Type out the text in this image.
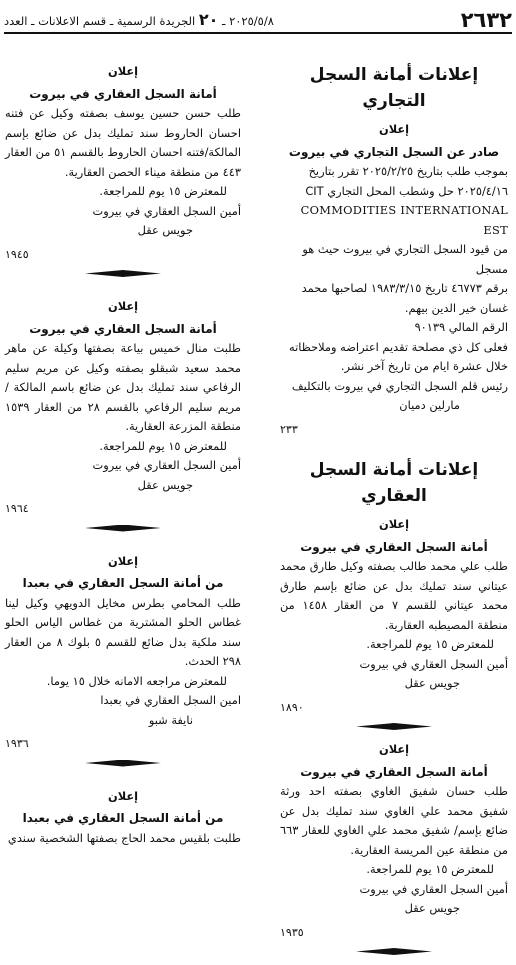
٢٠٢٥/٥/٨ ـ ٢٠ الجريدة الرسمية ـ قسم الاعلانات ـ العدد	٢٦٣٢
إعلانات أمانة السجل التجاري
إعلان
صادر عن السجل التجاري في بيروت
بموجب طلب بتاريخ ٢٠٢٥/٢/٢٥ تقرر بتاريخ
٢٠٢٥/٤/١٦ حل وشطب المحل التجاري CIT
COMMODITIES INTERNATIONAL EST
من قيود السجل التجاري في بيروت حيث هو مسجل
برقم ٤٦٧٧٣ تاريخ ١٩٨٣/٣/١٥ لصاحبها محمد
غسان خير الدين بيهم.
الرقم المالي ٩٠١٣٩
فعلى كل ذي مصلحة تقديم اعتراضه وملاحظاته
خلال عشرة ايام من تاريخ آخر نشر.
رئيس قلم السجل التجاري في بيروت بالتكليف
مارلين دميان
٢٣٣
إعلانات أمانة السجل العقاري
إعلان
أمانة السجل العقاري في بيروت
طلب علي محمد طالب بصفته وكيل طارق محمد عيتاني سند تمليك بدل عن ضائع بإسم طارق محمد عيتاني للقسم ٧ من العقار ١٤٥٨ من منطقة المصيطبه العقارية.
للمعترض ١٥ يوم للمراجعة.
أمين السجل العقاري في بيروت
جويس عقل
١٨٩٠
إعلان
أمانة السجل العقاري في بيروت
طلب حسان شفيق الغاوي بصفته احد ورثة شفيق محمد علي الغاوي سند تمليك بدل عن ضائع بإسم/ شفيق محمد علي الغاوي للعقار ٦٦٣ من منطقة عين المريسة العقارية.
للمعترض ١٥ يوم للمراجعة.
أمين السجل العقاري في بيروت
جويس عقل
١٩٣٥
إعلان
أمانة السجل العقاري في بيروت
طلب حسن حسين يوسف بصفته وكيل عن فتنه احسان الحاروط سند تمليك بدل عن ضائع بإسم المالكة/فتنه احسان الحاروط بالقسم ٥١ من العقار ٤٤٣ من منطقة ميناء الحصن العقارية.
للمعترض ١٥ يوم للمراجعة.
أمين السجل العقاري في بيروت
جويس عقل
١٩٤٥
إعلان
أمانة السجل العقاري في بيروت
طلبت منال خميس بياعة بصفتها وكيلة عن ماهر محمد سعيد شبقلو بصفته وكيل عن مريم سليم الرفاعي سند تمليك بدل عن ضائع باسم المالكة / مريم سليم الرفاعي بالقسم ٢٨ من العقار ١٥٣٩ منطقة المزرعة العقارية.
للمعترض ١٥ يوم للمراجعة.
أمين السجل العقاري في بيروت
جويس عقل
١٩٦٤
إعلان
من أمانة السجل العقاري في بعبدا
طلب المحامي بطرس مخايل الدويهي وكيل لينا غطاس الحلو المشترية من غطاس الياس الحلو سند ملكية بدل ضائع للقسم ٥ بلوك ٨ من العقار ٢٩٨ الحدث.
للمعترض مراجعه الامانه خلال ١٥ يوما.
امين السجل العقاري في بعبدا
نايفة شبو
١٩٣٦
إعلان
من أمانة السجل العقاري في بعبدا
طلبت بلقيس محمد الحاج بصفتها الشخصية سندي
